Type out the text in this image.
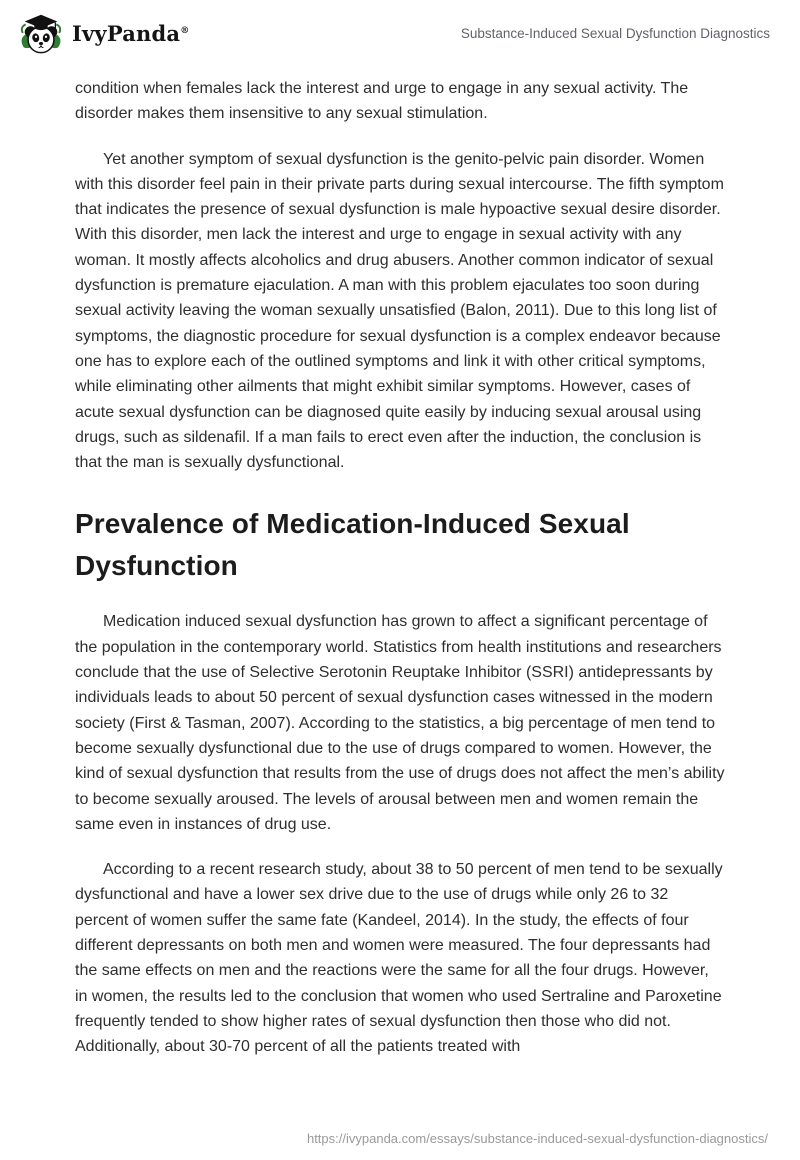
IvyPanda®	Substance-Induced Sexual Dysfunction Diagnostics

condition when females lack the interest and urge to engage in any sexual activity. The disorder makes them insensitive to any sexual stimulation.

Yet another symptom of sexual dysfunction is the genito-pelvic pain disorder. Women with this disorder feel pain in their private parts during sexual intercourse. The fifth symptom that indicates the presence of sexual dysfunction is male hypoactive sexual desire disorder. With this disorder, men lack the interest and urge to engage in sexual activity with any woman. It mostly affects alcoholics and drug abusers. Another common indicator of sexual dysfunction is premature ejaculation. A man with this problem ejaculates too soon during sexual activity leaving the woman sexually unsatisfied (Balon, 2011). Due to this long list of symptoms, the diagnostic procedure for sexual dysfunction is a complex endeavor because one has to explore each of the outlined symptoms and link it with other critical symptoms, while eliminating other ailments that might exhibit similar symptoms. However, cases of acute sexual dysfunction can be diagnosed quite easily by inducing sexual arousal using drugs, such as sildenafil. If a man fails to erect even after the induction, the conclusion is that the man is sexually dysfunctional.

Prevalence of Medication-Induced Sexual Dysfunction

Medication induced sexual dysfunction has grown to affect a significant percentage of the population in the contemporary world. Statistics from health institutions and researchers conclude that the use of Selective Serotonin Reuptake Inhibitor (SSRI) antidepressants by individuals leads to about 50 percent of sexual dysfunction cases witnessed in the modern society (First & Tasman, 2007). According to the statistics, a big percentage of men tend to become sexually dysfunctional due to the use of drugs compared to women. However, the kind of sexual dysfunction that results from the use of drugs does not affect the men’s ability to become sexually aroused. The levels of arousal between men and women remain the same even in instances of drug use.

According to a recent research study, about 38 to 50 percent of men tend to be sexually dysfunctional and have a lower sex drive due to the use of drugs while only 26 to 32 percent of women suffer the same fate (Kandeel, 2014). In the study, the effects of four different depressants on both men and women were measured. The four depressants had the same effects on men and the reactions were the same for all the four drugs. However, in women, the results led to the conclusion that women who used Sertraline and Paroxetine frequently tended to show higher rates of sexual dysfunction then those who did not. Additionally, about 30-70 percent of all the patients treated with

https://ivypanda.com/essays/substance-induced-sexual-dysfunction-diagnostics/
